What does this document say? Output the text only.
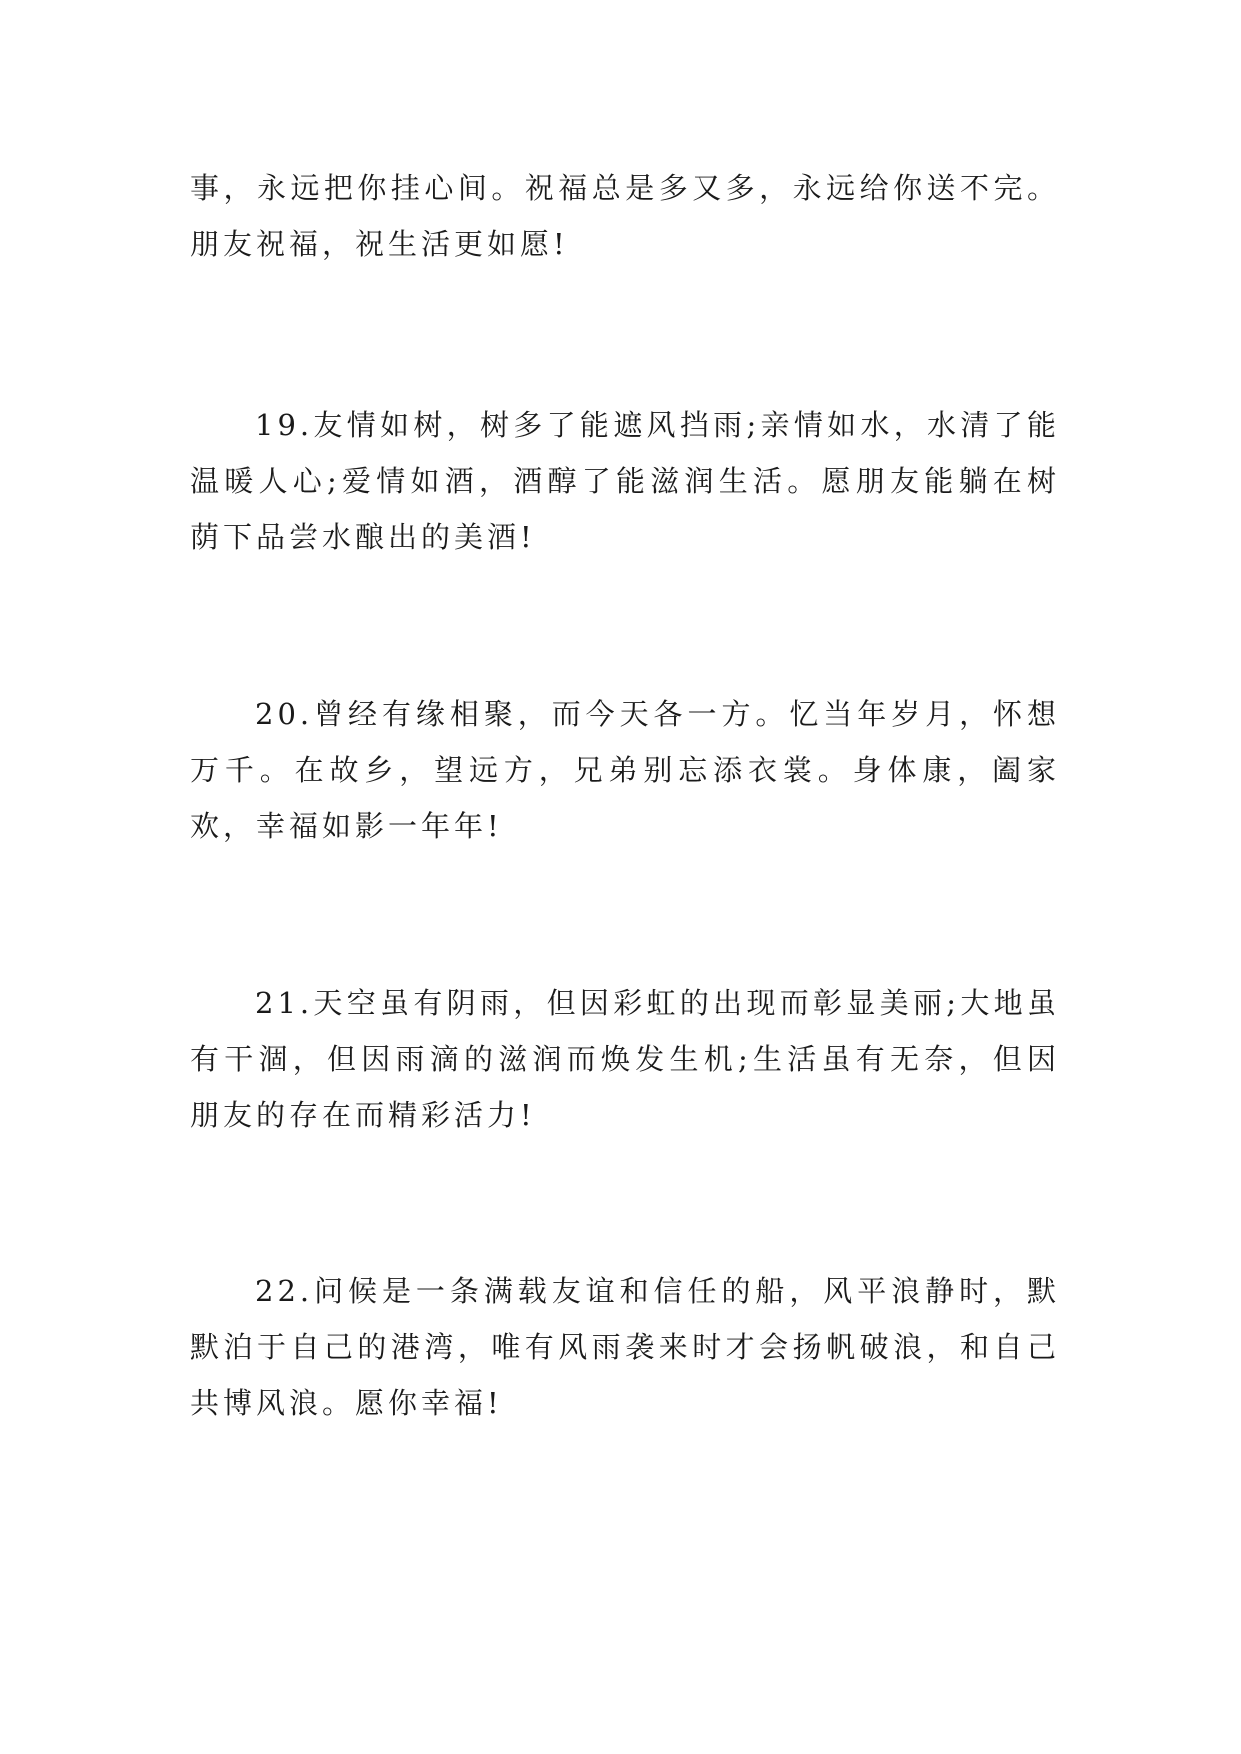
事，永远把你挂心间。祝福总是多又多，永远给你送不完。朋友祝福，祝生活更如愿!

19.友情如树，树多了能遮风挡雨;亲情如水，水清了能温暖人心;爱情如酒，酒醇了能滋润生活。愿朋友能躺在树荫下品尝水酿出的美酒!

20.曾经有缘相聚，而今天各一方。忆当年岁月，怀想万千。在故乡，望远方，兄弟别忘添衣裳。身体康，阖家欢，幸福如影一年年!

21.天空虽有阴雨，但因彩虹的出现而彰显美丽;大地虽有干涸，但因雨滴的滋润而焕发生机;生活虽有无奈，但因朋友的存在而精彩活力!

22.问候是一条满载友谊和信任的船，风平浪静时，默默泊于自己的港湾，唯有风雨袭来时才会扬帆破浪，和自己共博风浪。愿你幸福!
